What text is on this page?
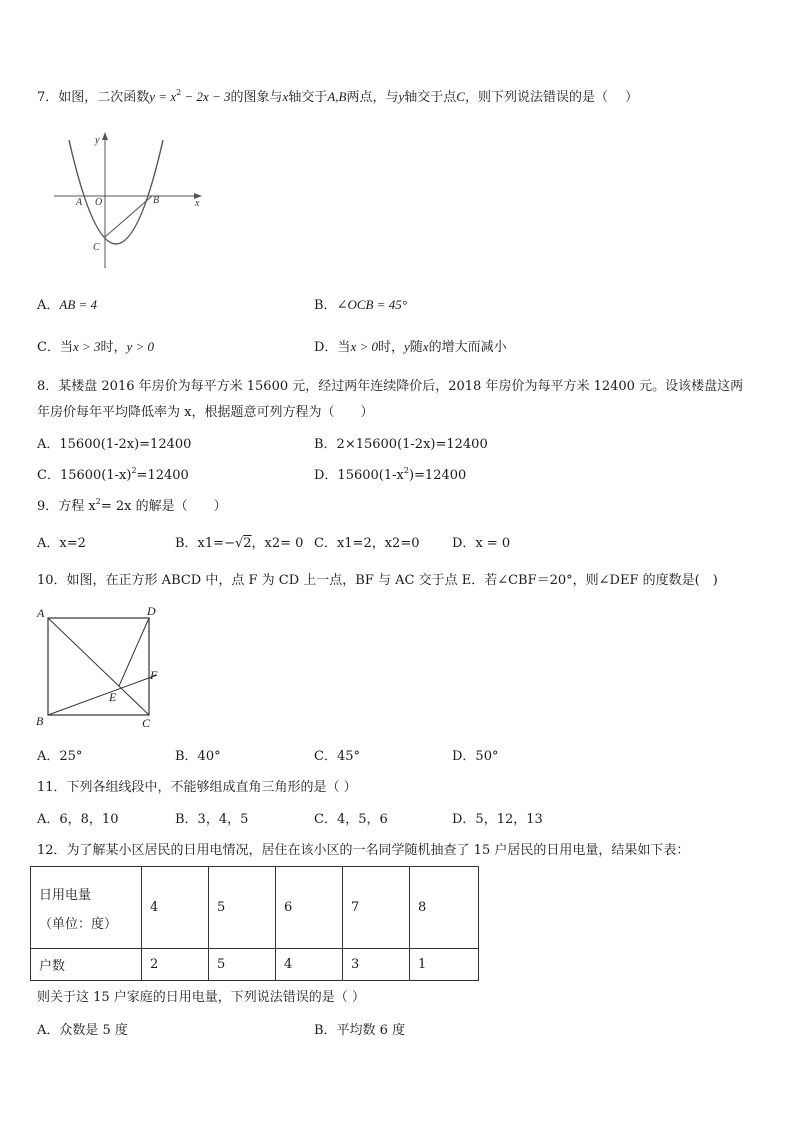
7．如图，二次函数$y = x^2 - 2x - 3$的图象与x轴交于A,B两点，与y轴交于点C，则下列说法错误的是（　 ）
y
x
A O	B
C
A．AB = 4	B．∠OCB = 45°
C．当x > 3时，y > 0	D．当x > 0时，y随x的增大而减小
8．某楼盘 2016 年房价为每平方米 15600 元，经过两年连续降价后，2018 年房价为每平方米 12400 元。设该楼盘这两
年房价每年平均降低率为 x，根据题意可列方程为（　　）
A．15600(1-2x)=12400	B．2×15600(1-2x)=12400
C．$15600(1-x)^2=12400$	D．$15600(1-x^2)=12400$
9．方程 $x^2= 2x$ 的解是（　　）
A．x=2	B．x1=−√2，x2= 0 C．x1=2，x2=0	D．x = 0
10．如图，在正方形 ABCD 中，点 F 为 CD 上一点，BF 与 AC 交于点 E．若∠CBF＝20°，则∠DEF 的度数是(　)
A	D
F
E
B	C
A．25°	B．40°	C．45°	D．50°
11．下列各组线段中，不能够组成直角三角形的是（ ）
A．6，8，10	B．3，4，5	C．4，5，6	D．5，12，13
12．为了解某小区居民的日用电情况，居住在该小区的一名同学随机抽查了 15 户居民的日用电量，结果如下表：
日用电量
（单位：度）	4	5	6	7	8
户数	2	5	4	3	1
则关于这 15 户家庭的日用电量，下列说法错误的是（ ）
A．众数是 5 度	B．平均数 6 度
